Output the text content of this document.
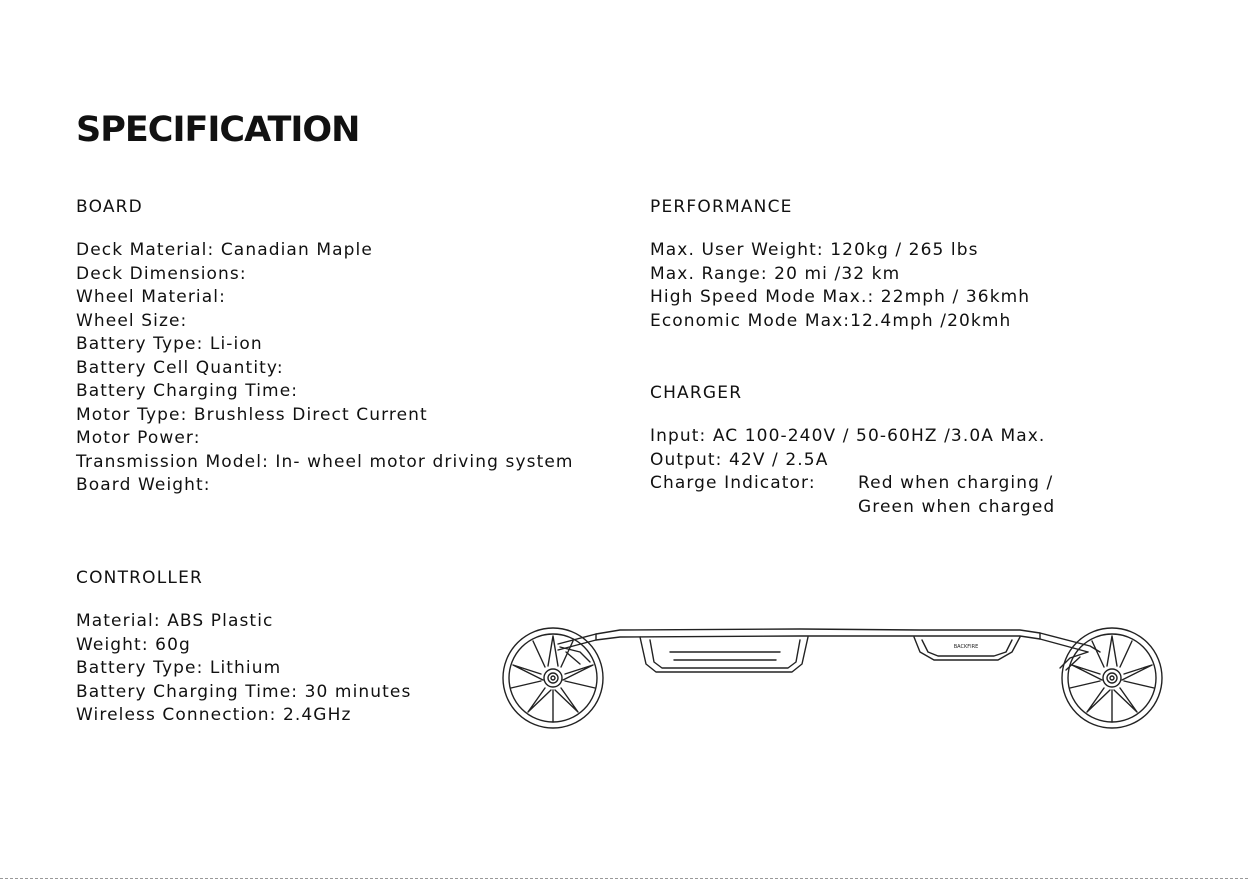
SPECIFICATION
BOARD
Deck Material: Canadian Maple
Deck Dimensions:
Wheel Material:
Wheel Size:
Battery Type: Li-ion
Battery Cell Quantity:
Battery Charging Time:
Motor Type: Brushless Direct Current
Motor Power:
Transmission Model: In- wheel motor driving system
Board Weight:
PERFORMANCE
Max. User Weight: 120kg / 265 lbs
Max. Range: 20 mi /32 km
High Speed Mode Max.: 22mph / 36kmh
Economic Mode Max:12.4mph /20kmh
CHARGER
Input: AC 100-240V / 50-60HZ /3.0A Max.
Output: 42V / 2.5A
Charge Indicator:	Red when charging /
Green when charged
CONTROLLER
Material: ABS Plastic
Weight: 60g
Battery Type: Lithium
Battery Charging Time: 30 minutes
Wireless Connection: 2.4GHz
BACKFIRE
